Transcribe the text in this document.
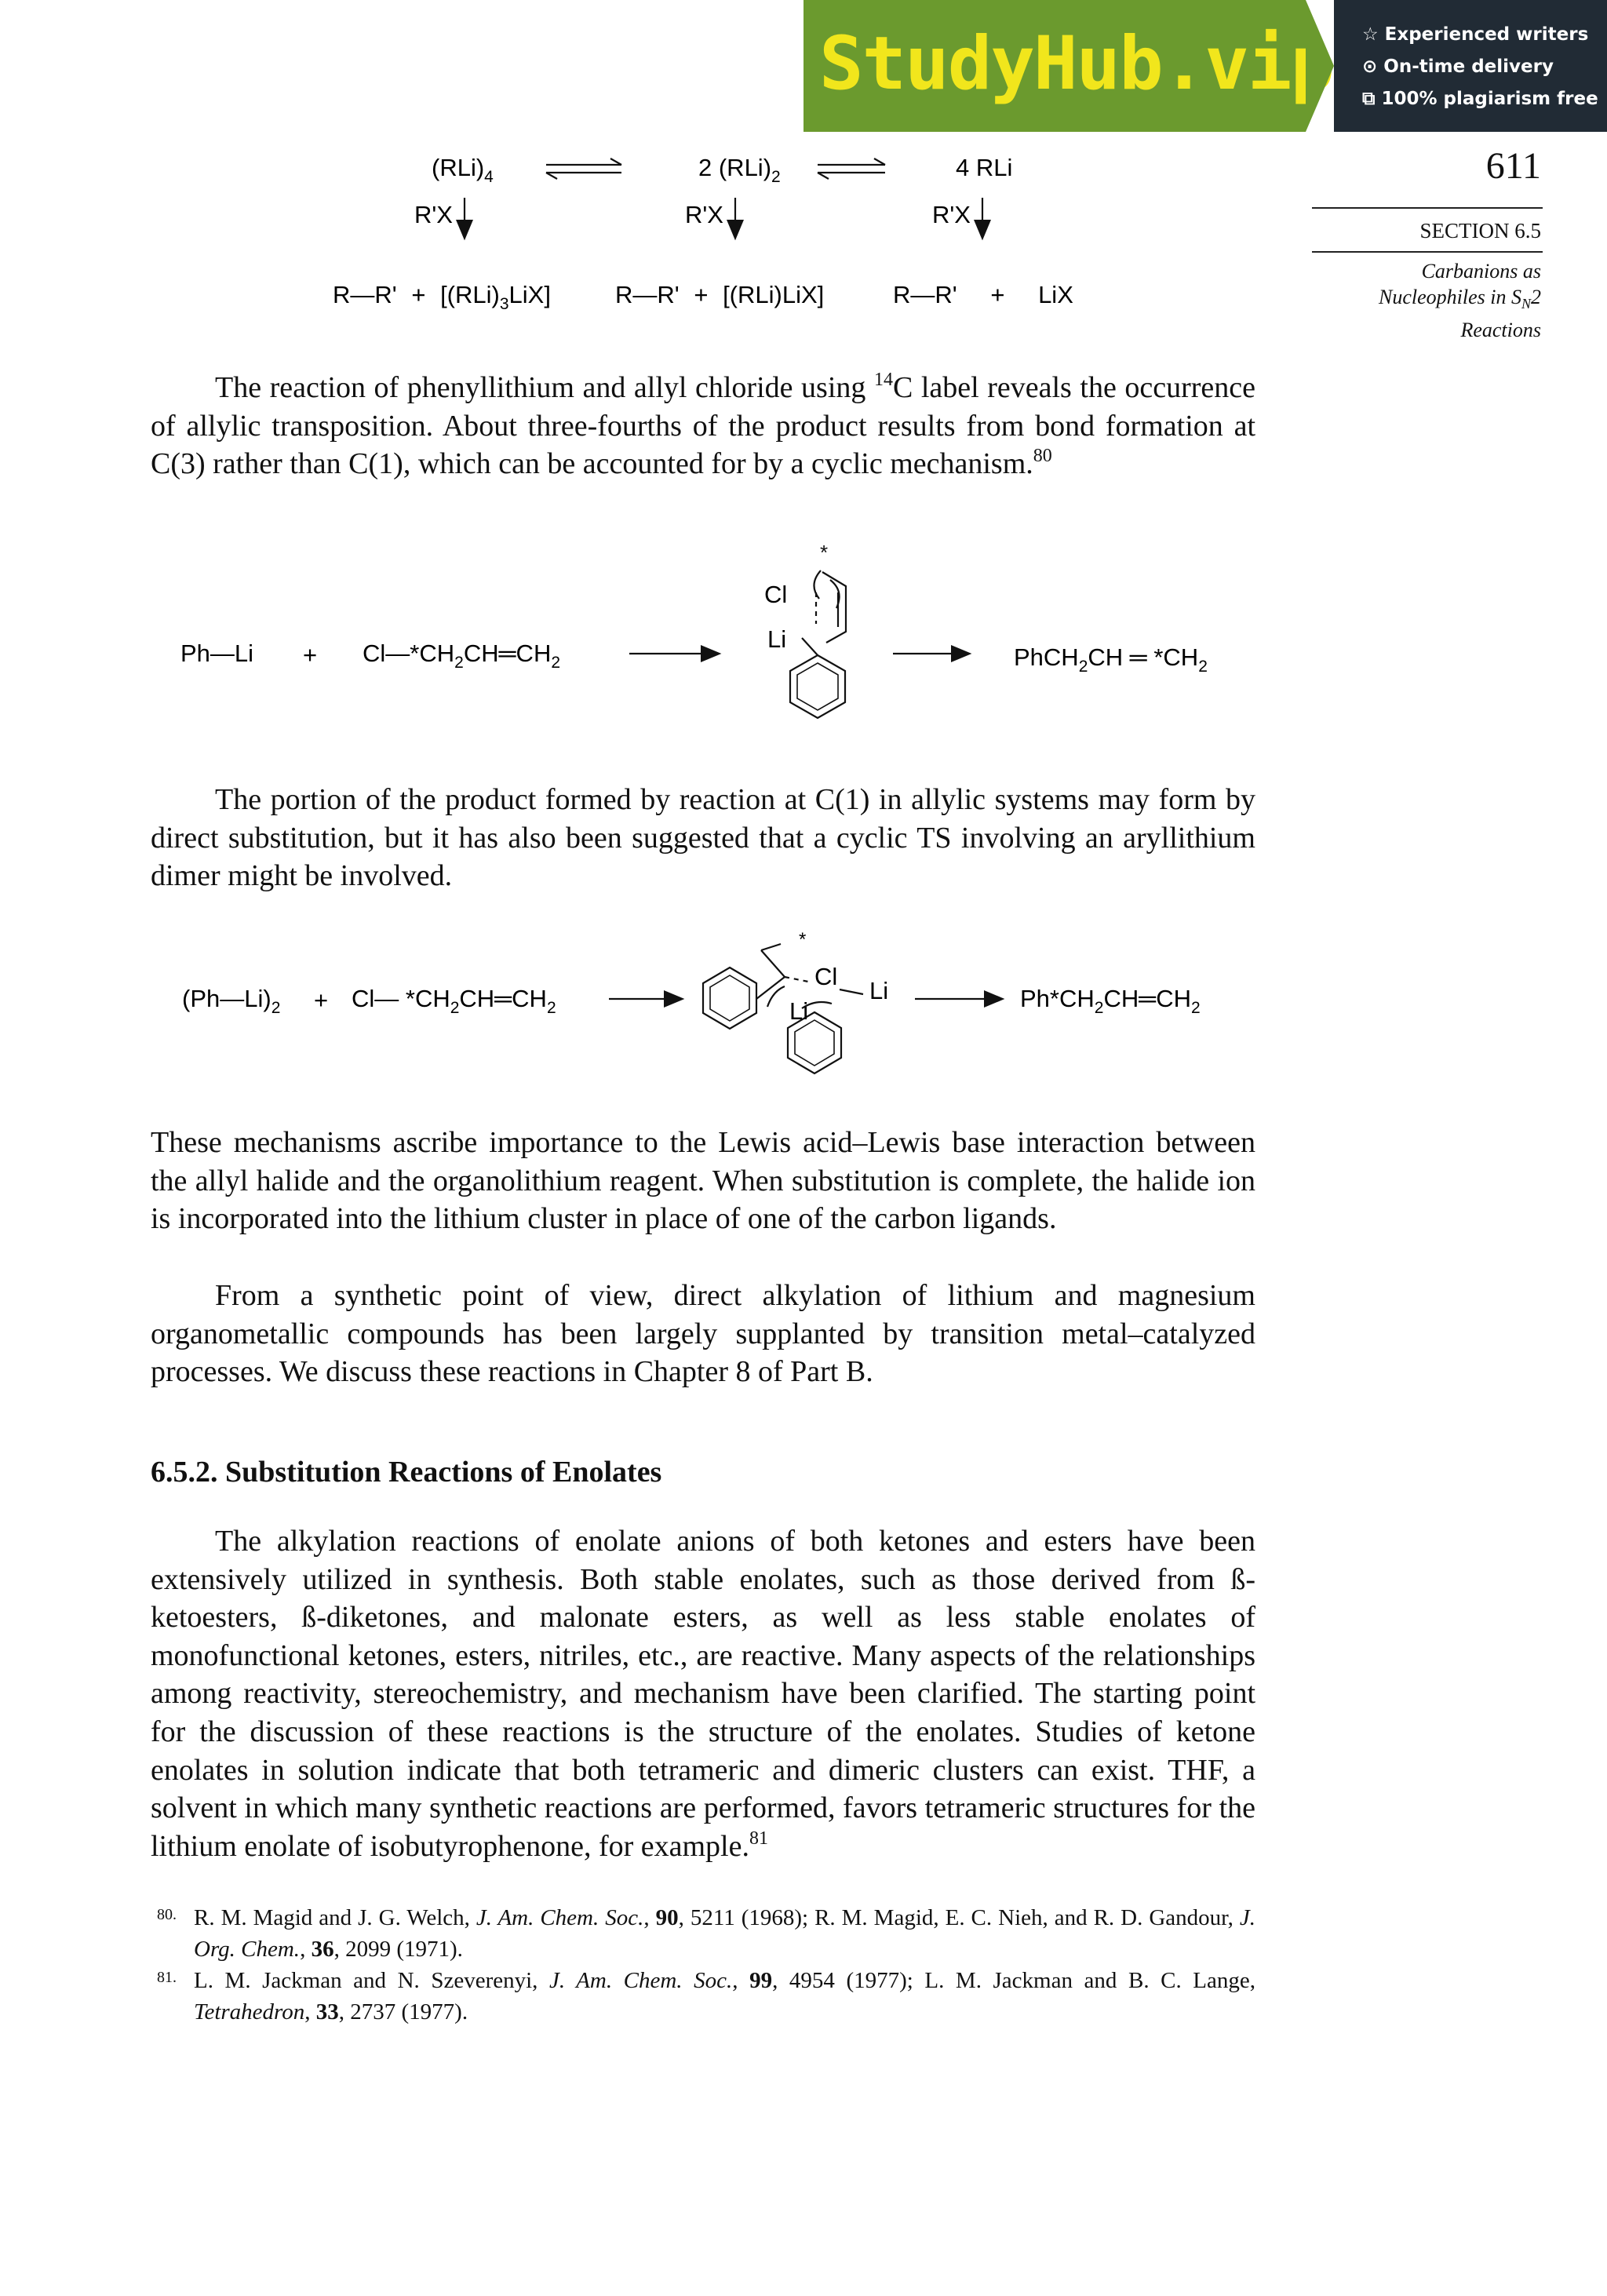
StudyHub.vip ☆ Experienced writers
⊙ On-time delivery
⧉ 100% plagiarism free
611
SECTION 6.5
Carbanions as
Nucleophiles in $S_N2$
Reactions
$(RLi)_4$	2 $(RLi)_2$	4 RLi
R'X	R'X	R'X
R—R' + $[(RLi)_3LiX]$	R—R' + [(RLi)LiX]	R—R' + LiX

The reaction of phenyllithium and allyl chloride using $^{14}$C label reveals the occurrence of allylic transposition. About three-fourths of the product results from bond formation at C(3) rather than C(1), which can be accounted for by a cyclic mechanism.$^{80}$

Ph—Li + $Cl—*CH_2CH═CH_2$
*
Cl
Li
PhCH$_2$CH ═ $*CH_2$

The portion of the product formed by reaction at C(1) in allylic systems may form by direct substitution, but it has also been suggested that a cyclic TS involving an aryllithium dimer might be involved.

$(Ph—Li)_2$ + Cl— $*CH_2CH═CH_2$
*
Cl
Li
Li	$Ph*CH_2CH═CH_2$

These mechanisms ascribe importance to the Lewis acid–Lewis base interaction between the allyl halide and the organolithium reagent. When substitution is complete, the halide ion is incorporated into the lithium cluster in place of one of the carbon ligands.

From a synthetic point of view, direct alkylation of lithium and magnesium organometallic compounds has been largely supplanted by transition metal–catalyzed processes. We discuss these reactions in Chapter 8 of Part B.

6.5.2. Substitution Reactions of Enolates

The alkylation reactions of enolate anions of both ketones and esters have been extensively utilized in synthesis. Both stable enolates, such as those derived from ß-ketoesters, ß-diketones, and malonate esters, as well as less stable enolates of monofunctional ketones, esters, nitriles, etc., are reactive. Many aspects of the relationships among reactivity, stereochemistry, and mechanism have been clarified. The starting point for the discussion of these reactions is the structure of the enolates. Studies of ketone enolates in solution indicate that both tetrameric and dimeric clusters can exist. THF, a solvent in which many synthetic reactions are performed, favors tetrameric structures for the lithium enolate of isobutyrophenone, for example.$^{81}$

80. R. M. Magid and J. G. Welch, J. Am. Chem. Soc., 90, 5211 (1968); R. M. Magid, E. C. Nieh, and R. D. Gandour, J. Org. Chem., 36, 2099 (1971).
81. L. M. Jackman and N. Szeverenyi, J. Am. Chem. Soc., 99, 4954 (1977); L. M. Jackman and B. C. Lange, Tetrahedron, 33, 2737 (1977).
